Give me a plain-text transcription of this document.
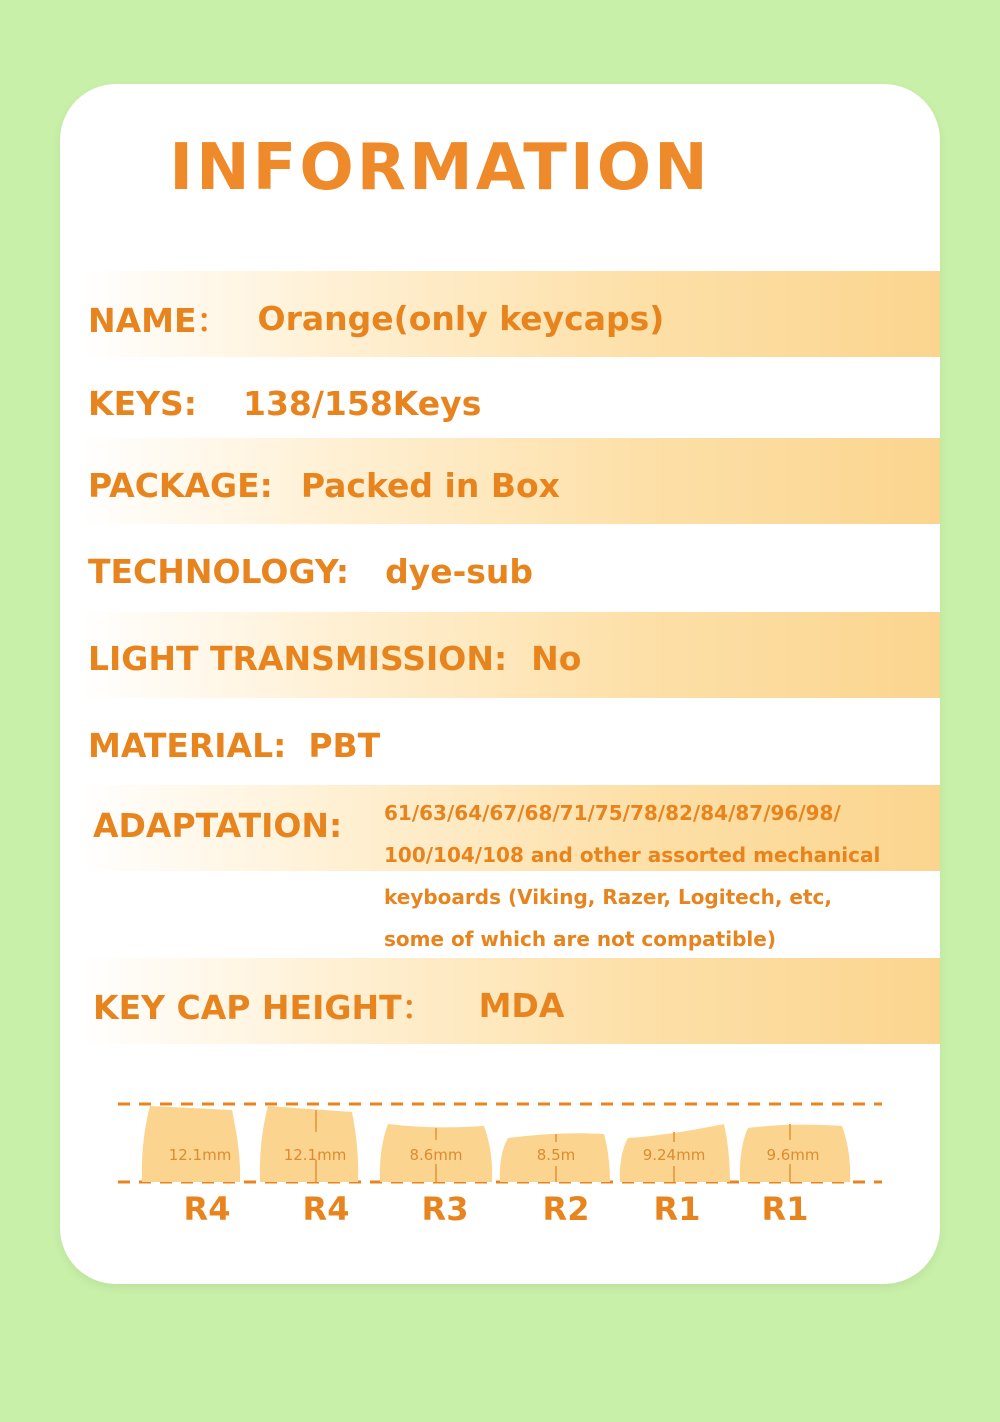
INFORMATION
NAME： Orange(only keycaps)
KEYS: 138/158Keys
PACKAGE: Packed in Box
TECHNOLOGY: dye-sub
LIGHT TRANSMISSION: No
MATERIAL: PBT
ADAPTATION: 61/63/64/67/68/71/75/78/82/84/87/96/98/
100/104/108 and other assorted mechanical
keyboards (Viking, Razer, Logitech, etc,
some of which are not compatible)
KEY CAP HEIGHT： MDA
12.1mm	12.1mm	8.6mm	8.5m	9.24mm	9.6mm
R4 R4 R3 R2 R1 R1
